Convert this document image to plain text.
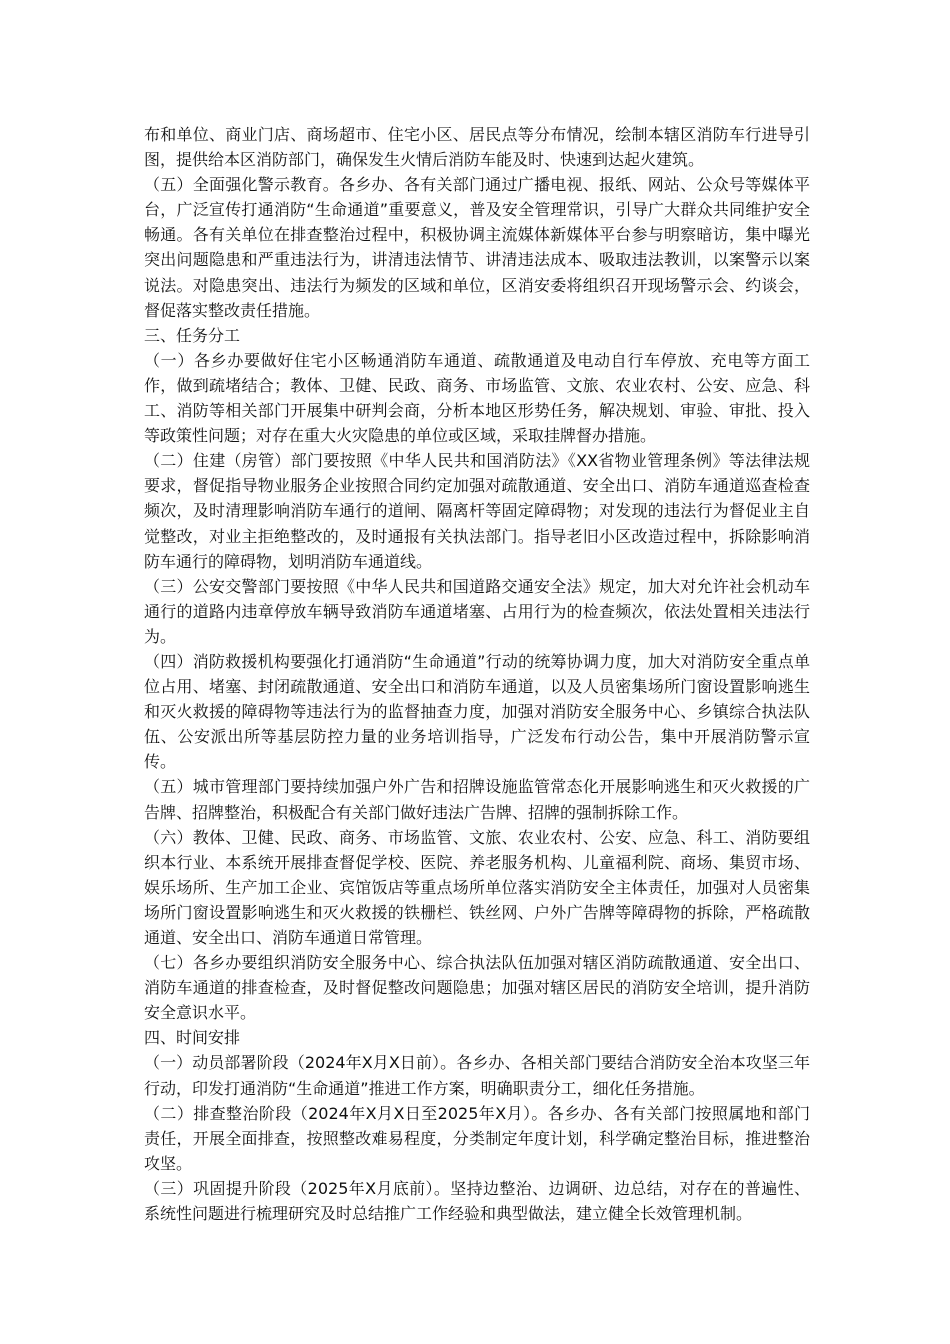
布和单位、商业门店、商场超市、住宅小区、居民点等分布情况，绘制本辖区消防车行进导引图，提供给本区消防部门，确保发生火情后消防车能及时、快速到达起火建筑。

（五）全面强化警示教育。各乡办、各有关部门通过广播电视、报纸、网站、公众号等媒体平台，广泛宣传打通消防“生命通道”重要意义，普及安全管理常识，引导广大群众共同维护安全畅通。各有关单位在排查整治过程中，积极协调主流媒体新媒体平台参与明察暗访，集中曝光突出问题隐患和严重违法行为，讲清违法情节、讲清违法成本、吸取违法教训，以案警示以案说法。对隐患突出、违法行为频发的区域和单位，区消安委将组织召开现场警示会、约谈会，督促落实整改责任措施。

三、任务分工

（一）各乡办要做好住宅小区畅通消防车通道、疏散通道及电动自行车停放、充电等方面工作，做到疏堵结合；教体、卫健、民政、商务、市场监管、文旅、农业农村、公安、应急、科工、消防等相关部门开展集中研判会商，分析本地区形势任务，解决规划、审验、审批、投入等政策性问题；对存在重大火灾隐患的单位或区域，采取挂牌督办措施。

（二）住建（房管）部门要按照《中华人民共和国消防法》《XX省物业管理条例》等法律法规要求，督促指导物业服务企业按照合同约定加强对疏散通道、安全出口、消防车通道巡查检查频次，及时清理影响消防车通行的道闸、隔离杆等固定障碍物；对发现的违法行为督促业主自觉整改，对业主拒绝整改的，及时通报有关执法部门。指导老旧小区改造过程中，拆除影响消防车通行的障碍物，划明消防车通道线。

（三）公安交警部门要按照《中华人民共和国道路交通安全法》规定，加大对允许社会机动车通行的道路内违章停放车辆导致消防车通道堵塞、占用行为的检查频次，依法处置相关违法行为。

（四）消防救援机构要强化打通消防“生命通道”行动的统筹协调力度，加大对消防安全重点单位占用、堵塞、封闭疏散通道、安全出口和消防车通道，以及人员密集场所门窗设置影响逃生和灭火救援的障碍物等违法行为的监督抽查力度，加强对消防安全服务中心、乡镇综合执法队伍、公安派出所等基层防控力量的业务培训指导，广泛发布行动公告，集中开展消防警示宣传。

（五）城市管理部门要持续加强户外广告和招牌设施监管常态化开展影响逃生和灭火救援的广告牌、招牌整治，积极配合有关部门做好违法广告牌、招牌的强制拆除工作。

（六）教体、卫健、民政、商务、市场监管、文旅、农业农村、公安、应急、科工、消防要组织本行业、本系统开展排查督促学校、医院、养老服务机构、儿童福利院、商场、集贸市场、娱乐场所、生产加工企业、宾馆饭店等重点场所单位落实消防安全主体责任，加强对人员密集场所门窗设置影响逃生和灭火救援的铁栅栏、铁丝网、户外广告牌等障碍物的拆除，严格疏散通道、安全出口、消防车通道日常管理。

（七）各乡办要组织消防安全服务中心、综合执法队伍加强对辖区消防疏散通道、安全出口、消防车通道的排查检查，及时督促整改问题隐患；加强对辖区居民的消防安全培训，提升消防安全意识水平。

四、时间安排

（一）动员部署阶段（2024年X月X日前）。各乡办、各相关部门要结合消防安全治本攻坚三年行动，印发打通消防“生命通道”推进工作方案，明确职责分工，细化任务措施。

（二）排查整治阶段（2024年X月X日至2025年X月）。各乡办、各有关部门按照属地和部门责任，开展全面排查，按照整改难易程度，分类制定年度计划，科学确定整治目标，推进整治攻坚。

（三）巩固提升阶段（2025年X月底前）。坚持边整治、边调研、边总结，对存在的普遍性、系统性问题进行梳理研究及时总结推广工作经验和典型做法，建立健全长效管理机制。
